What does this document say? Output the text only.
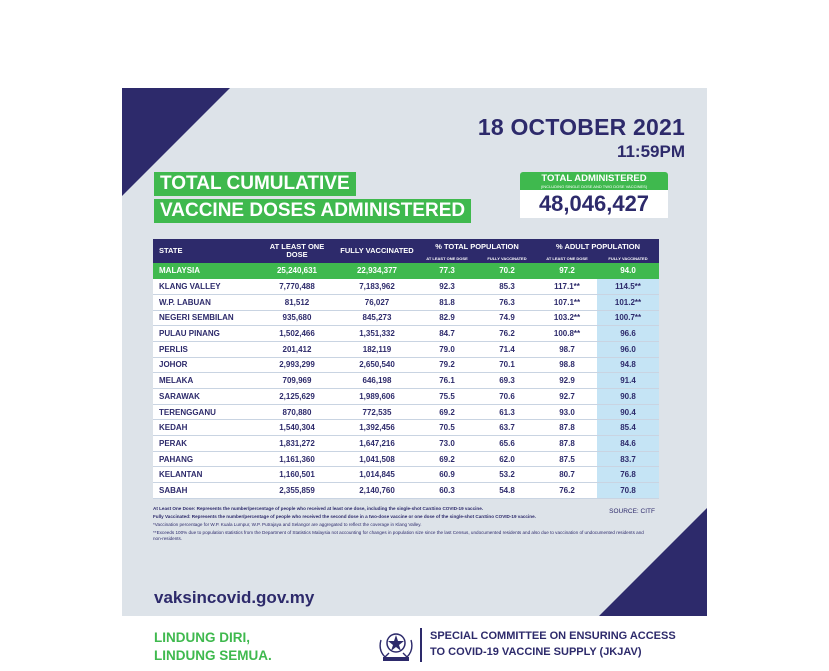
18 OCTOBER 2021
11:59PM
TOTAL CUMULATIVE
VACCINE DOSES ADMINISTERED
TOTAL ADMINISTERED
(INCLUDING SINGLE DOSE AND TWO DOSE VACCINES)
48,046,427
STATE	AT LEAST ONE DOSE	FULLY VACCINATED	% TOTAL POPULATION		% ADULT POPULATION	
			AT LEAST ONE DOSE	FULLY VACCINATED	AT LEAST ONE DOSE	FULLY VACCINATED
MALAYSIA	25,240,631	22,934,377	77.3	70.2	97.2	94.0
KLANG VALLEY	7,770,488	7,183,962	92.3	85.3	117.1**	114.5**
W.P. LABUAN	81,512	76,027	81.8	76.3	107.1**	101.2**
NEGERI SEMBILAN	935,680	845,273	82.9	74.9	103.2**	100.7**
PULAU PINANG	1,502,466	1,351,332	84.7	76.2	100.8**	96.6
PERLIS	201,412	182,119	79.0	71.4	98.7	96.0
JOHOR	2,993,299	2,650,540	79.2	70.1	98.8	94.8
MELAKA	709,969	646,198	76.1	69.3	92.9	91.4
SARAWAK	2,125,629	1,989,606	75.5	70.6	92.7	90.8
TERENGGANU	870,880	772,535	69.2	61.3	93.0	90.4
KEDAH	1,540,304	1,392,456	70.5	63.7	87.8	85.4
PERAK	1,831,272	1,647,216	73.0	65.6	87.8	84.6
PAHANG	1,161,360	1,041,508	69.2	62.0	87.5	83.7
KELANTAN	1,160,501	1,014,845	60.9	53.2	80.7	76.8
SABAH	2,355,859	2,140,760	60.3	54.8	76.2	70.8

At Least One Dose: Represents the number/percentage of people who received at least one dose, including the single-shot CanSino COVID-19 vaccine.

Fully Vaccinated: Represents the number/percentage of people who received the second dose in a two-dose vaccine or one dose of the single-shot CanSino COVID-19 vaccine.

*Vaccination percentage for W.P. Kuala Lumpur, W.P. Putrajaya and Selangor are aggregated to reflect the coverage in Klang Valley.

**Exceeds 100% due to population statistics from the Department of Statistics Malaysia not accounting for changes in population size since the last Census, undocumented residents and also due to vaccination of undocumented residents and non-residents.

SOURCE: CITF
vaksincovid.gov.my
LINDUNG DIRI,
LINDUNG SEMUA.
SPECIAL COMMITTEE ON ENSURING ACCESS
TO COVID-19 VACCINE SUPPLY (JKJAV)
